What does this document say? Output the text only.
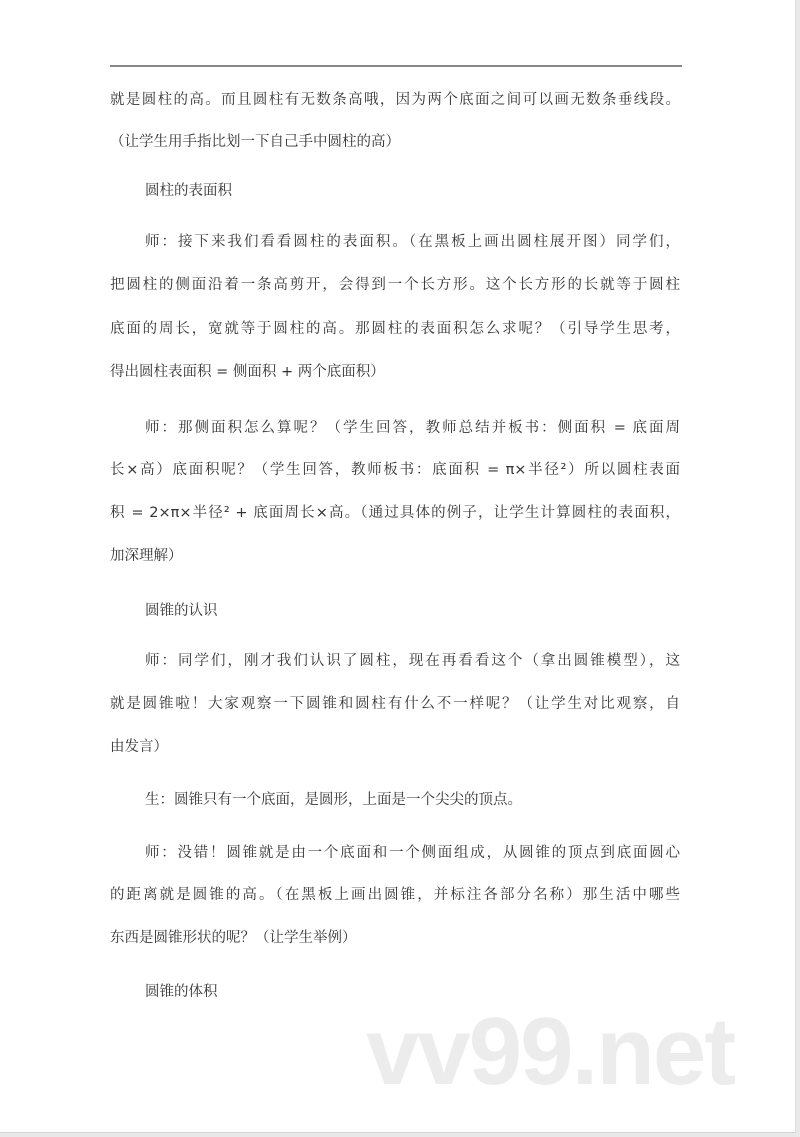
就是圆柱的高。而且圆柱有无数条高哦，因为两个底面之间可以画无数条垂线段。
（让学生用手指比划一下自己手中圆柱的高）
圆柱的表面积
师：接下来我们看看圆柱的表面积。（在黑板上画出圆柱展开图）同学们，
把圆柱的侧面沿着一条高剪开，会得到一个长方形。这个长方形的长就等于圆柱
底面的周长，宽就等于圆柱的高。那圆柱的表面积怎么求呢？（引导学生思考，
得出圆柱表面积 = 侧面积 + 两个底面积）
师：那侧面积怎么算呢？（学生回答，教师总结并板书：侧面积 = 底面周
长×高）底面积呢？（学生回答，教师板书：底面积 = π×半径²）所以圆柱表面
积 = 2×π×半径² + 底面周长×高。（通过具体的例子，让学生计算圆柱的表面积，
加深理解）
圆锥的认识
师：同学们，刚才我们认识了圆柱，现在再看看这个（拿出圆锥模型），这
就是圆锥啦！大家观察一下圆锥和圆柱有什么不一样呢？（让学生对比观察，自
由发言）
生：圆锥只有一个底面，是圆形，上面是一个尖尖的顶点。
师：没错！圆锥就是由一个底面和一个侧面组成，从圆锥的顶点到底面圆心
的距离就是圆锥的高。（在黑板上画出圆锥，并标注各部分名称）那生活中哪些
东西是圆锥形状的呢？（让学生举例）
圆锥的体积
vv99.net
